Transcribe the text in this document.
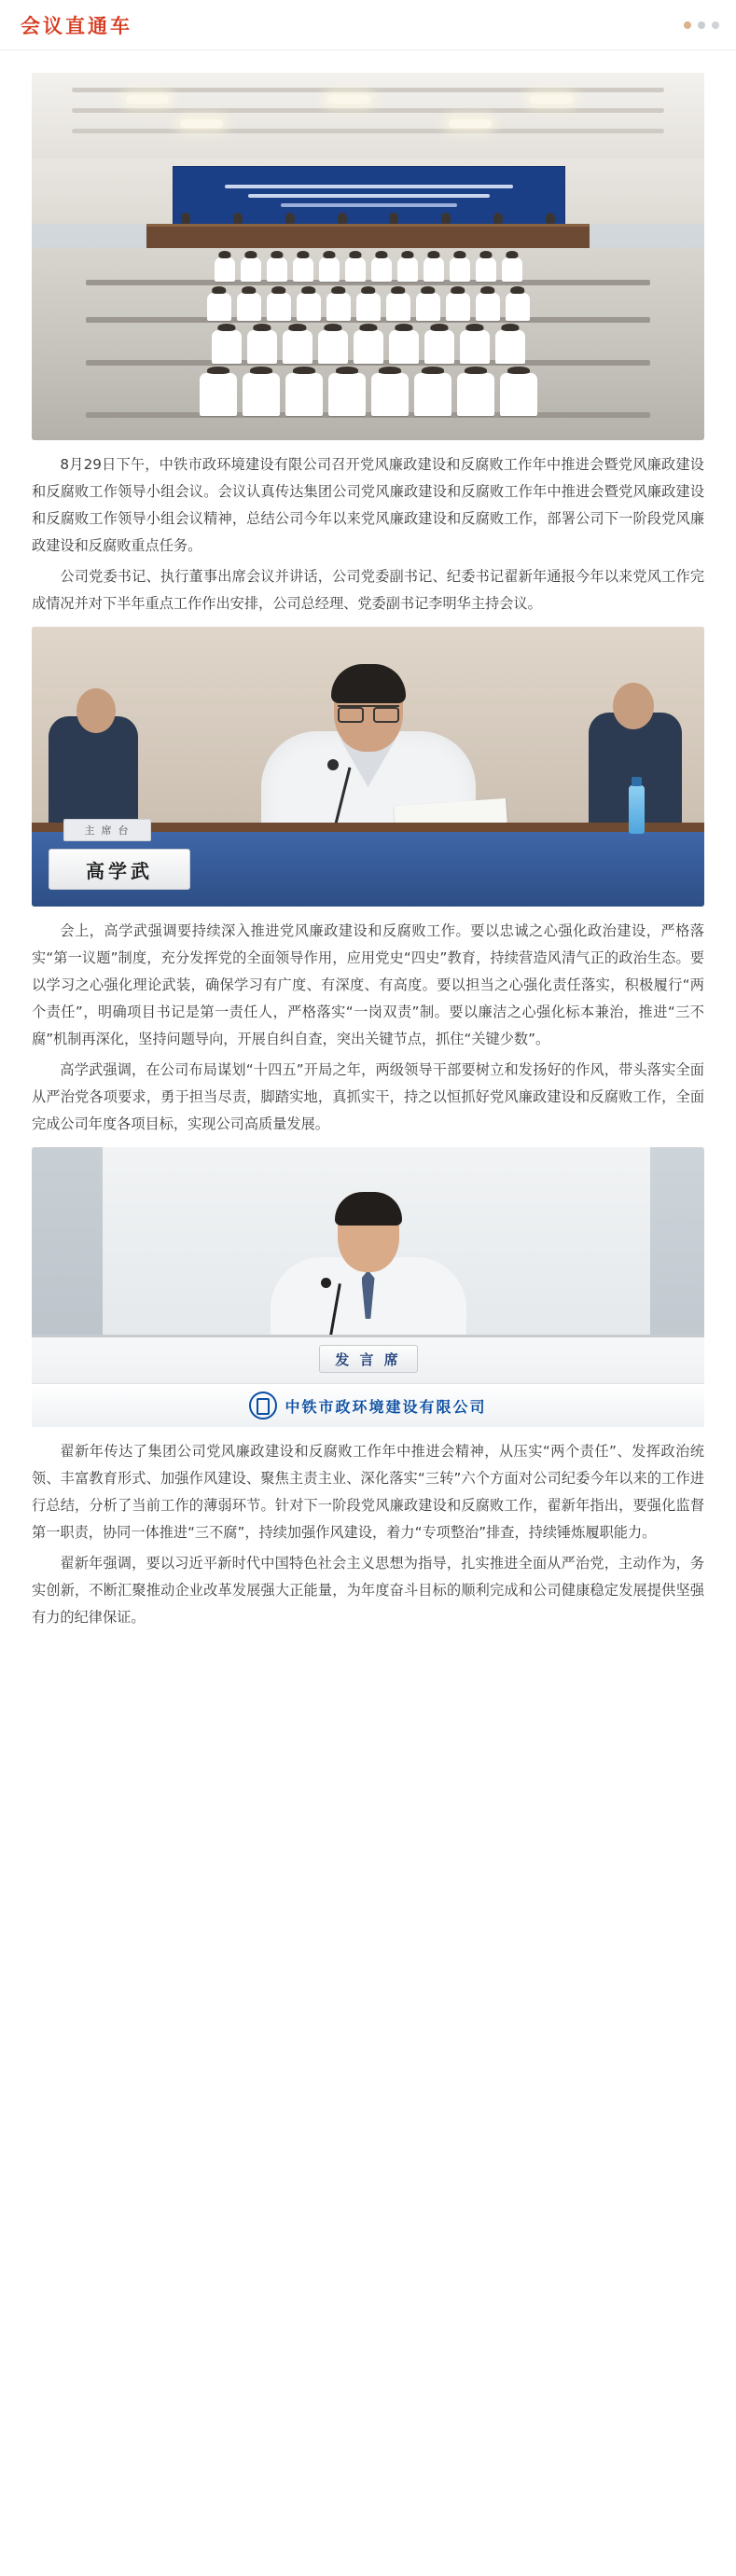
会议直通车

8月29日下午，中铁市政环境建设有限公司召开党风廉政建设和反腐败工作年中推进会暨党风廉政建设和反腐败工作领导小组会议。会议认真传达集团公司党风廉政建设和反腐败工作年中推进会暨党风廉政建设和反腐败工作领导小组会议精神，总结公司今年以来党风廉政建设和反腐败工作，部署公司下一阶段党风廉政建设和反腐败重点任务。

公司党委书记、执行董事出席会议并讲话，公司党委副书记、纪委书记翟新年通报今年以来党风工作完成情况并对下半年重点工作作出安排，公司总经理、党委副书记李明华主持会议。

主 席 台
高学武

会上，高学武强调要持续深入推进党风廉政建设和反腐败工作。要以忠诚之心强化政治建设，严格落实“第一议题”制度，充分发挥党的全面领导作用，应用党史“四史”教育，持续营造风清气正的政治生态。要以学习之心强化理论武装，确保学习有广度、有深度、有高度。要以担当之心强化责任落实，积极履行“两个责任”，明确项目书记是第一责任人，严格落实“一岗双责”制。要以廉洁之心强化标本兼治，推进“三不腐”机制再深化，坚持问题导向，开展自纠自查，突出关键节点，抓住“关键少数”。

高学武强调，在公司布局谋划“十四五”开局之年，两级领导干部要树立和发扬好的作风，带头落实全面从严治党各项要求，勇于担当尽责，脚踏实地，真抓实干，持之以恒抓好党风廉政建设和反腐败工作，全面完成公司年度各项目标，实现公司高质量发展。

发 言 席
中铁市政环境建设有限公司

翟新年传达了集团公司党风廉政建设和反腐败工作年中推进会精神，从压实“两个责任”、发挥政治统领、丰富教育形式、加强作风建设、聚焦主责主业、深化落实“三转”六个方面对公司纪委今年以来的工作进行总结，分析了当前工作的薄弱环节。针对下一阶段党风廉政建设和反腐败工作，翟新年指出，要强化监督第一职责，协同一体推进“三不腐”，持续加强作风建设，着力“专项整治”排查，持续锤炼履职能力。

翟新年强调，要以习近平新时代中国特色社会主义思想为指导，扎实推进全面从严治党，主动作为，务实创新，不断汇聚推动企业改革发展强大正能量，为年度奋斗目标的顺利完成和公司健康稳定发展提供坚强有力的纪律保证。
